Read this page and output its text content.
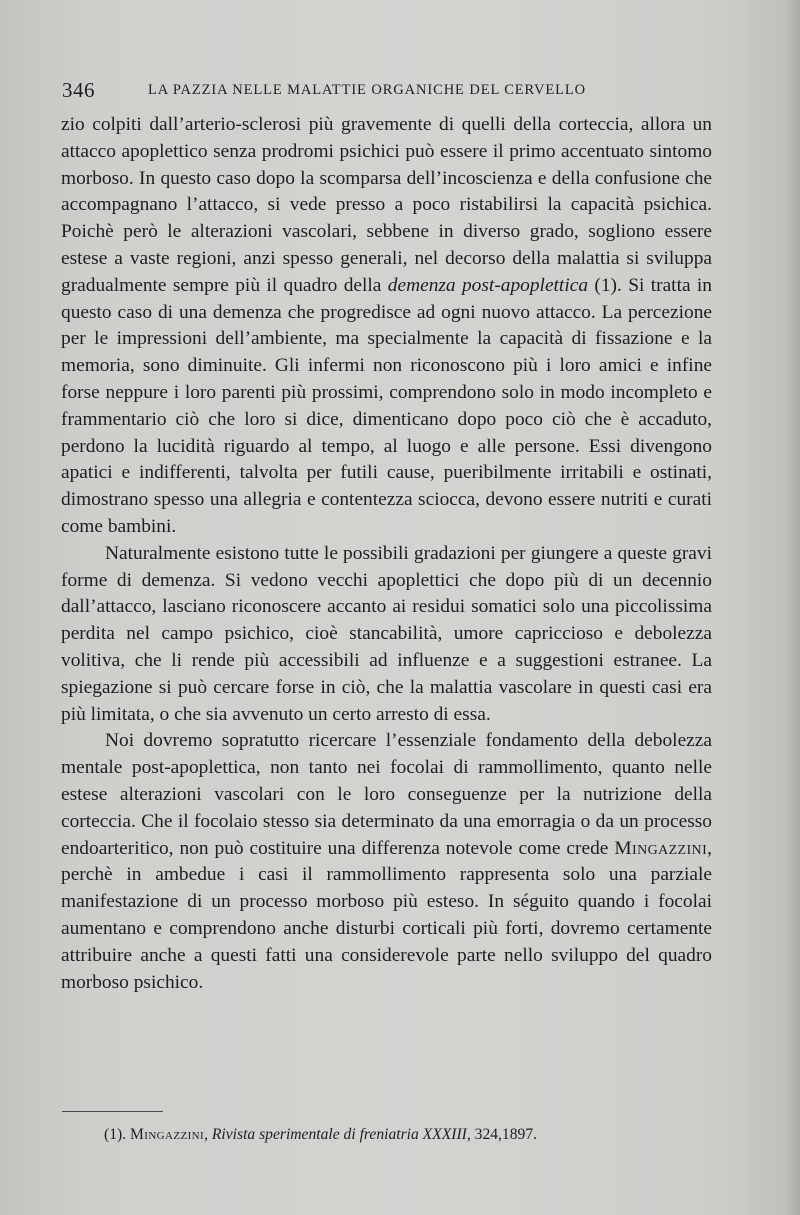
346	LA PAZZIA NELLE MALATTIE ORGANICHE DEL CERVELLO

zio colpiti dall’arterio-sclerosi più gravemente di quelli della corteccia, allora un attacco apoplettico senza prodromi psichici può essere il primo accentuato sintomo morboso. In questo caso dopo la scomparsa dell’incoscienza e della confusione che accompagnano l’attacco, si vede presso a poco ristabilirsi la capacità psichica. Poichè però le alterazioni vascolari, sebbene in diverso grado, sogliono essere estese a vaste regioni, anzi spesso generali, nel decorso della malattia si sviluppa gradualmente sempre più il quadro della demenza post-apoplettica (1). Si tratta in questo caso di una demenza che progredisce ad ogni nuovo attacco. La percezione per le impressioni dell’ambiente, ma specialmente la capacità di fissazione e la memoria, sono diminuite. Gli infermi non riconoscono più i loro amici e infine forse neppure i loro parenti più prossimi, comprendono solo in modo incompleto e frammentario ciò che loro si dice, dimenticano dopo poco ciò che è accaduto, perdono la lucidità riguardo al tempo, al luogo e alle persone. Essi divengono apatici e indifferenti, talvolta per futili cause, pueribilmente irritabili e ostinati, dimostrano spesso una allegria e contentezza sciocca, devono essere nutriti e curati come bambini.

Naturalmente esistono tutte le possibili gradazioni per giungere a queste gravi forme di demenza. Si vedono vecchi apoplettici che dopo più di un decennio dall’attacco, lasciano riconoscere accanto ai residui somatici solo una piccolissima perdita nel campo psichico, cioè stancabilità, umore capriccioso e debolezza volitiva, che li rende più accessibili ad influenze e a suggestioni estranee. La spiegazione si può cercare forse in ciò, che la malattia vascolare in questi casi era più limitata, o che sia avvenuto un certo arresto di essa.

Noi dovremo sopratutto ricercare l’essenziale fondamento della debolezza mentale post-apoplettica, non tanto nei focolai di rammollimento, quanto nelle estese alterazioni vascolari con le loro conseguenze per la nutrizione della corteccia. Che il focolaio stesso sia determinato da una emorragia o da un processo endoarteritico, non può costituire una differenza notevole come crede Mingazzini, perchè in ambedue i casi il rammollimento rappresenta solo una parziale manifestazione di un processo morboso più esteso. In séguito quando i focolai aumentano e comprendono anche disturbi corticali più forti, dovremo certamente attribuire anche a questi fatti una considerevole parte nello sviluppo del quadro morboso psichico.

(1). Mingazzini, Rivista sperimentale di freniatria XXXIII, 324,1897.
